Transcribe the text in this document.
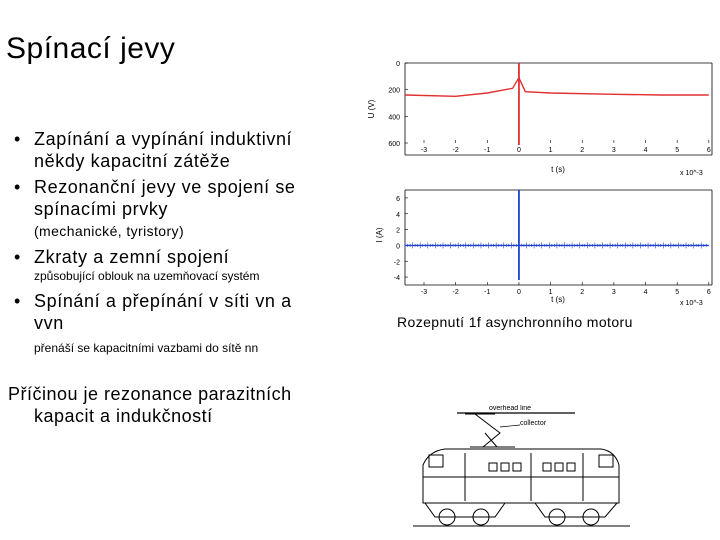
Spínací jevy
• Zapínání a vypínání induktivní
někdy kapacitní zátěže
• Rezonanční jevy ve spojení se
spínacími prvky
(mechanické, tyristory)
• Zkraty a zemní spojení
způsobující oblouk na uzemňovací systém
• Spínání a přepínání v síti vn a
vvn
přenáší se kapacitními vazbami do sítě nn
Příčinou je rezonance parazitních
kapacit a indukčností
0
200
400
600
-3	-2	-1	0	1	2	3	4	5	6
U (V)
t (s)	x 10^-3
6
4
2
0
-2
-4
-3	-2	-1	0	1	2	3	4	5	6
I (A)
t (s)	x 10^-3
Rozepnutí 1f asynchronního motoru
overhead line
collector
